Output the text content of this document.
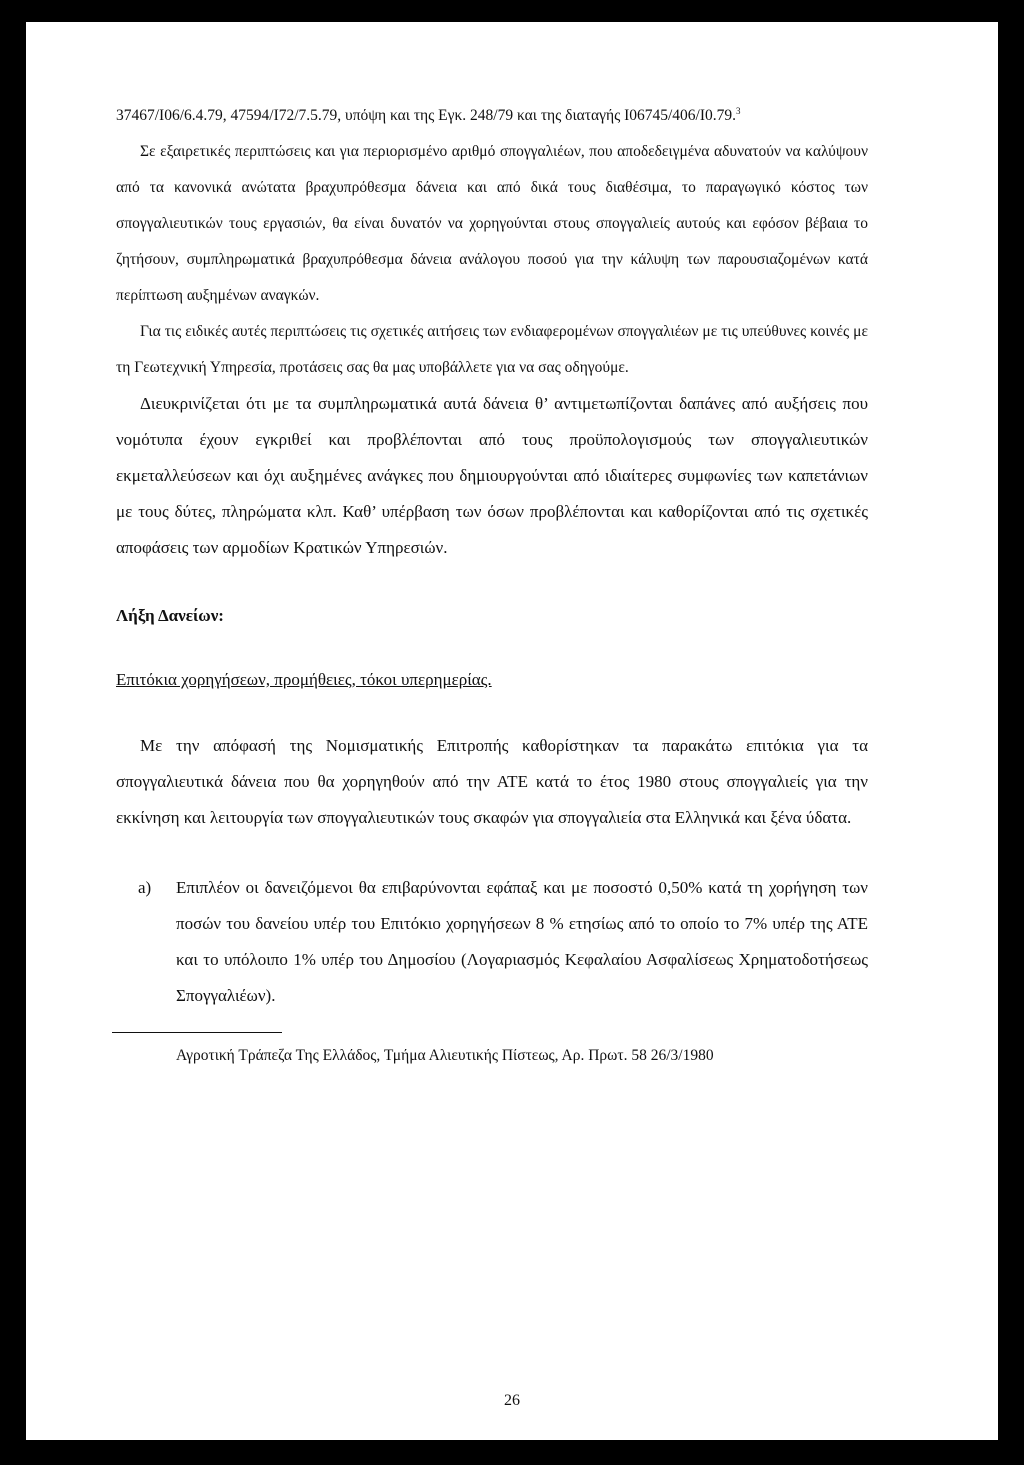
37467/Ι06/6.4.79, 47594/Ι72/7.5.79, υπόψη και της Εγκ. 248/79 και της διαταγής Ι06745/406/Ι0.79.$^3$

Σε εξαιρετικές περιπτώσεις και για περιορισμένο αριθμό σπογγαλιέων, που αποδεδειγμένα αδυνατούν να καλύψουν από τα κανονικά ανώτατα βραχυπρόθεσμα δάνεια και από δικά τους διαθέσιμα, το παραγωγικό κόστος των σπογγαλιευτικών τους εργασιών, θα είναι δυνατόν να χορηγούνται στους σπογγαλιείς αυτούς και εφόσον βέβαια το ζητήσουν, συμπληρωματικά βραχυπρόθεσμα δάνεια ανάλογου ποσού για την κάλυψη των παρουσιαζομένων κατά περίπτωση αυξημένων αναγκών.

Για τις ειδικές αυτές περιπτώσεις τις σχετικές αιτήσεις των ενδιαφερομένων σπογγαλιέων με τις υπεύθυνες κοινές με τη Γεωτεχνική Υπηρεσία, προτάσεις σας θα μας υποβάλλετε για να σας οδηγούμε.

Διευκρινίζεται ότι με τα συμπληρωματικά αυτά δάνεια θ’ αντιμετωπίζονται δαπάνες από αυξήσεις που νομότυπα έχουν εγκριθεί και προβλέπονται από τους προϋπολογισμούς των σπογγαλιευτικών εκμεταλλεύσεων και όχι αυξημένες ανάγκες που δημιουργούνται από ιδιαίτερες συμφωνίες των καπετάνιων με τους δύτες, πληρώματα κλπ. Καθ’ υπέρβαση των όσων προβλέπονται και καθορίζονται από τις σχετικές αποφάσεις των αρμοδίων Κρατικών Υπηρεσιών.

Λήξη Δανείων:

Επιτόκια χορηγήσεων, προμήθειες, τόκοι υπερημερίας.

Με την απόφασή της Νομισματικής Επιτροπής καθορίστηκαν τα παρακάτω επιτόκια για τα σπογγαλιευτικά δάνεια που θα χορηγηθούν από την ΑΤΕ κατά το έτος 1980 στους σπογγαλιείς για την εκκίνηση και λειτουργία των σπογγαλιευτικών τους σκαφών για σπογγαλιεία στα Ελληνικά και ξένα ύδατα.

a)	Επιπλέον οι δανειζόμενοι θα επιβαρύνονται εφάπαξ και με ποσοστό 0,50% κατά τη χορήγηση των ποσών του δανείου υπέρ του Επιτόκιο χορηγήσεων 8 % ετησίως από το οποίο το 7% υπέρ της ΑΤΕ και το υπόλοιπο 1% υπέρ του Δημοσίου (Λογαριασμός Κεφαλαίου Ασφαλίσεως Χρηματοδοτήσεως Σπογγαλιέων).

Αγροτική Τράπεζα Της Ελλάδος, Τμήμα Αλιευτικής Πίστεως, Αρ. Πρωτ. 58 26/3/1980

26
